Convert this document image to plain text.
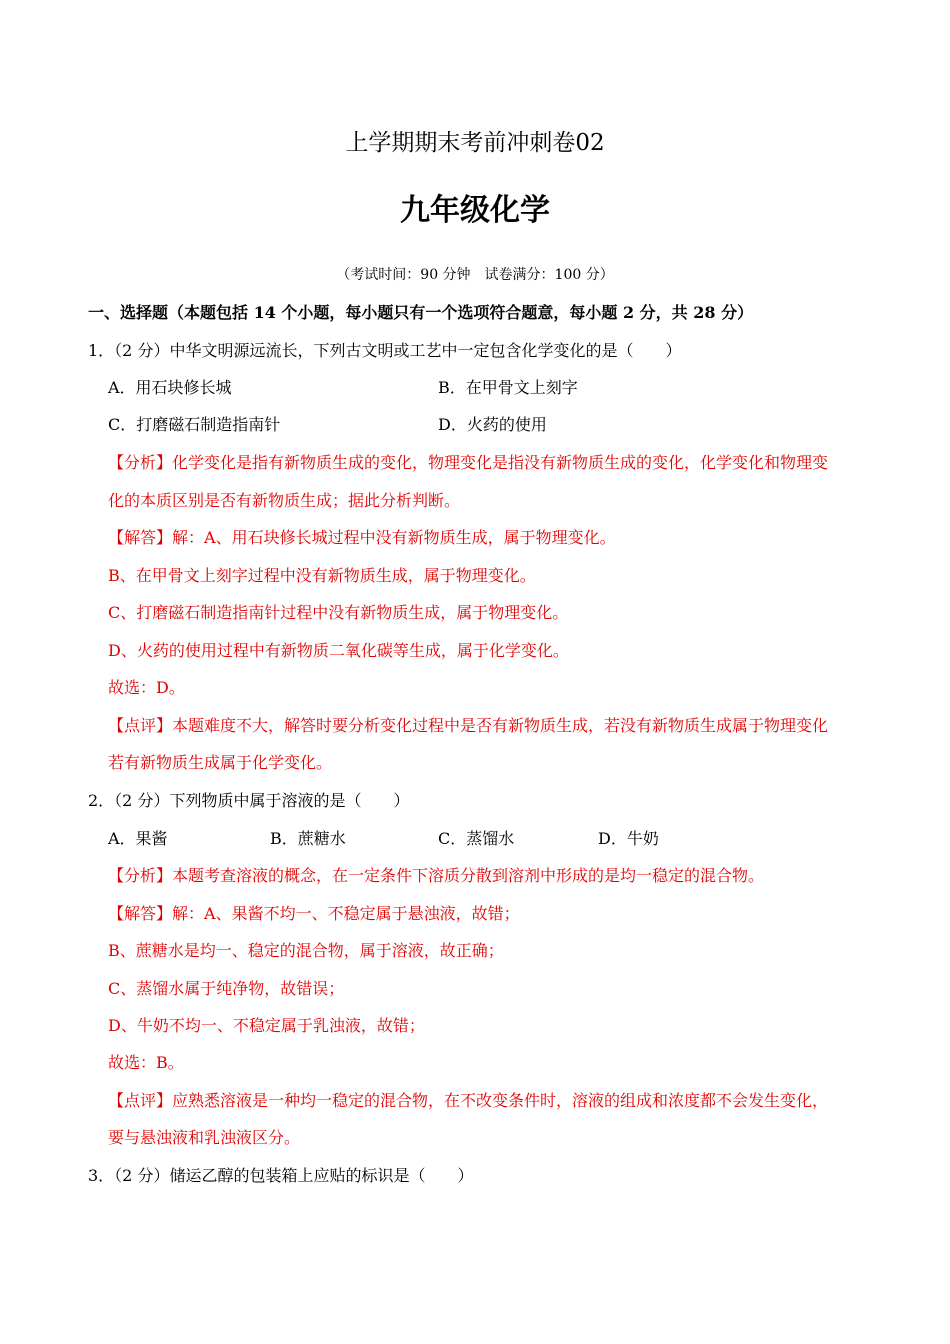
上学期期末考前冲刺卷02
九年级化学
（考试时间：90 分钟　试卷满分：100 分）
一、选择题（本题包括 14 个小题，每小题只有一个选项符合题意，每小题 2 分，共 28 分）
1．（2 分）中华文明源远流长，下列古文明或工艺中一定包含化学变化的是（　　）
A．用石块修长城	B．在甲骨文上刻字
C．打磨磁石制造指南针	D．火药的使用
【分析】化学变化是指有新物质生成的变化，物理变化是指没有新物质生成的变化，化学变化和物理变
化的本质区别是否有新物质生成；据此分析判断。
【解答】解：A、用石块修长城过程中没有新物质生成，属于物理变化。
B、在甲骨文上刻字过程中没有新物质生成，属于物理变化。
C、打磨磁石制造指南针过程中没有新物质生成，属于物理变化。
D、火药的使用过程中有新物质二氧化碳等生成，属于化学变化。
故选：D。
【点评】本题难度不大，解答时要分析变化过程中是否有新物质生成，若没有新物质生成属于物理变化
若有新物质生成属于化学变化。
2．（2 分）下列物质中属于溶液的是（　　）
A．果酱	B．蔗糖水	C．蒸馏水	D．牛奶
【分析】本题考查溶液的概念，在一定条件下溶质分散到溶剂中形成的是均一稳定的混合物。
【解答】解：A、果酱不均一、不稳定属于悬浊液，故错；
B、蔗糖水是均一、稳定的混合物，属于溶液，故正确；
C、蒸馏水属于纯净物，故错误；
D、牛奶不均一、不稳定属于乳浊液，故错；
故选：B。
【点评】应熟悉溶液是一种均一稳定的混合物，在不改变条件时，溶液的组成和浓度都不会发生变化，
要与悬浊液和乳浊液区分。
3．（2 分）储运乙醇的包装箱上应贴的标识是（　　）
